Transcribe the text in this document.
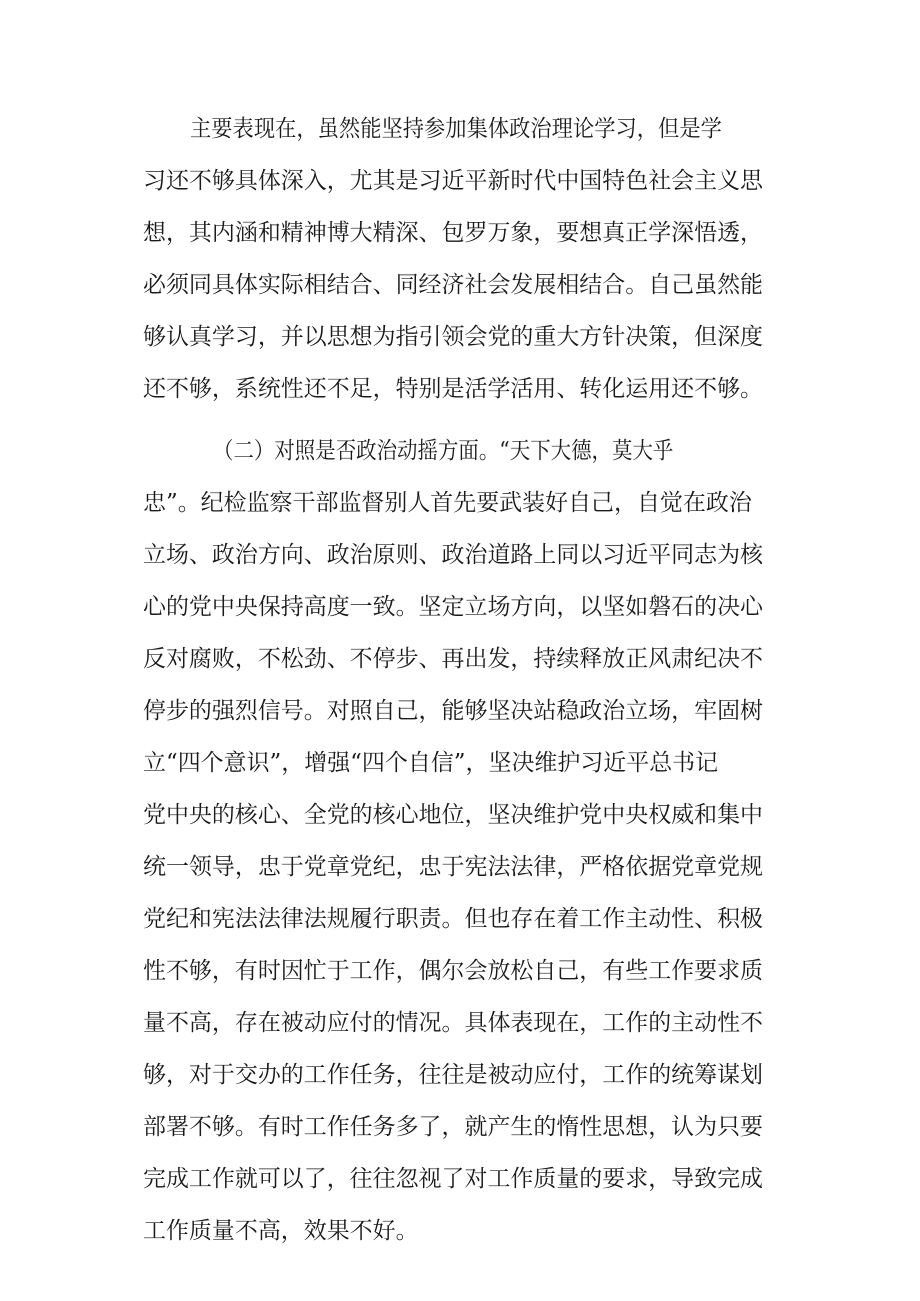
主要表现在，虽然能坚持参加集体政治理论学习，但是学
习还不够具体深入，尤其是习近平新时代中国特色社会主义思
想，其内涵和精神博大精深、包罗万象，要想真正学深悟透，
必须同具体实际相结合、同经济社会发展相结合。自己虽然能
够认真学习，并以思想为指引领会党的重大方针决策，但深度
还不够，系统性还不足，特别是活学活用、转化运用还不够。
（二）对照是否政治动摇方面。“天下大德，莫大乎
忠”。纪检监察干部监督别人首先要武装好自己，自觉在政治
立场、政治方向、政治原则、政治道路上同以习近平同志为核
心的党中央保持高度一致。坚定立场方向，以坚如磐石的决心
反对腐败，不松劲、不停步、再出发，持续释放正风肃纪决不
停步的强烈信号。对照自己，能够坚决站稳政治立场，牢固树
立“四个意识”，增强“四个自信”，坚决维护习近平总书记
党中央的核心、全党的核心地位，坚决维护党中央权威和集中
统一领导，忠于党章党纪，忠于宪法法律，严格依据党章党规
党纪和宪法法律法规履行职责。但也存在着工作主动性、积极
性不够，有时因忙于工作，偶尔会放松自己，有些工作要求质
量不高，存在被动应付的情况。具体表现在，工作的主动性不
够，对于交办的工作任务，往往是被动应付，工作的统筹谋划
部署不够。有时工作任务多了，就产生的惰性思想，认为只要
完成工作就可以了，往往忽视了对工作质量的要求，导致完成
工作质量不高，效果不好。
